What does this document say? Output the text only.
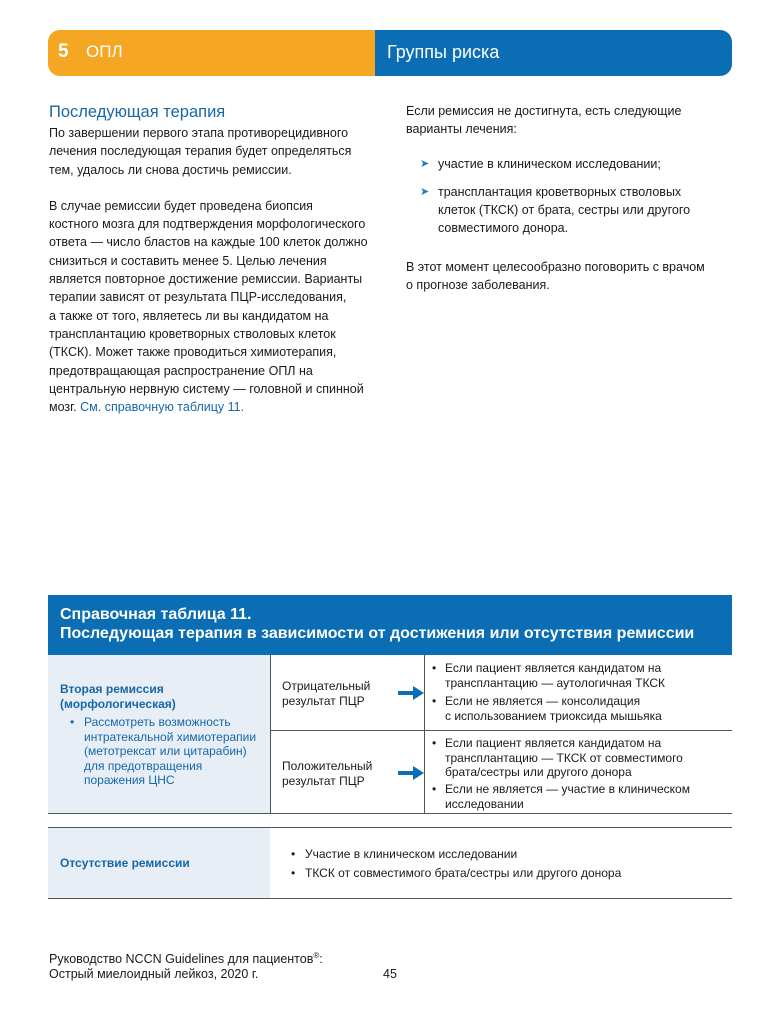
5 ОПЛ	Группы риска
Последующая терапия
По завершении первого этапа противорецидивного
лечения последующая терапия будет определяться
тем, удалось ли снова достичь ремиссии.
В случае ремиссии будет проведена биопсия
костного мозга для подтверждения морфологического
ответа — число бластов на каждые 100 клеток должно
снизиться и составить менее 5. Целью лечения
является повторное достижение ремиссии. Варианты
терапии зависят от результата ПЦР-исследования,
а также от того, являетесь ли вы кандидатом на
трансплантацию кроветворных стволовых клеток
(ТКСК). Может также проводиться химиотерапия,
предотвращающая распространение ОПЛ на
центральную нервную систему — головной и спинной
мозг. См. справочную таблицу 11.
Если ремиссия не достигнута, есть следующие
варианты лечения:
➤ участие в клиническом исследовании;
➤ трансплантация кроветворных стволовых
клеток (ТКСК) от брата, сестры или другого
совместимого донора.
В этот момент целесообразно поговорить с врачом
о прогнозе заболевания.
Справочная таблица 11.
Последующая терапия в зависимости от достижения или отсутствия ремиссии
Вторая ремиссия
(морфологическая)
• Рассмотреть возможность
интратекальной химиотерапии
(метотрексат или цитарабин)
для предотвращения
поражения ЦНС
Отрицательный
результат ПЦР
• Если пациент является кандидатом на
трансплантацию — аутологичная ТКСК
• Если не является — консолидация
с использованием триоксида мышьяка
Положительный
результат ПЦР
• Если пациент является кандидатом на
трансплантацию — ТКСК от совместимого
брата/сестры или другого донора
• Если не является — участие в клиническом
исследовании
Отсутствие ремиссии
• Участие в клиническом исследовании
• ТКСК от совместимого брата/сестры или другого донора
Руководство NCCN Guidelines для пациентов®:
Острый миелоидный лейкоз, 2020 г.	45
